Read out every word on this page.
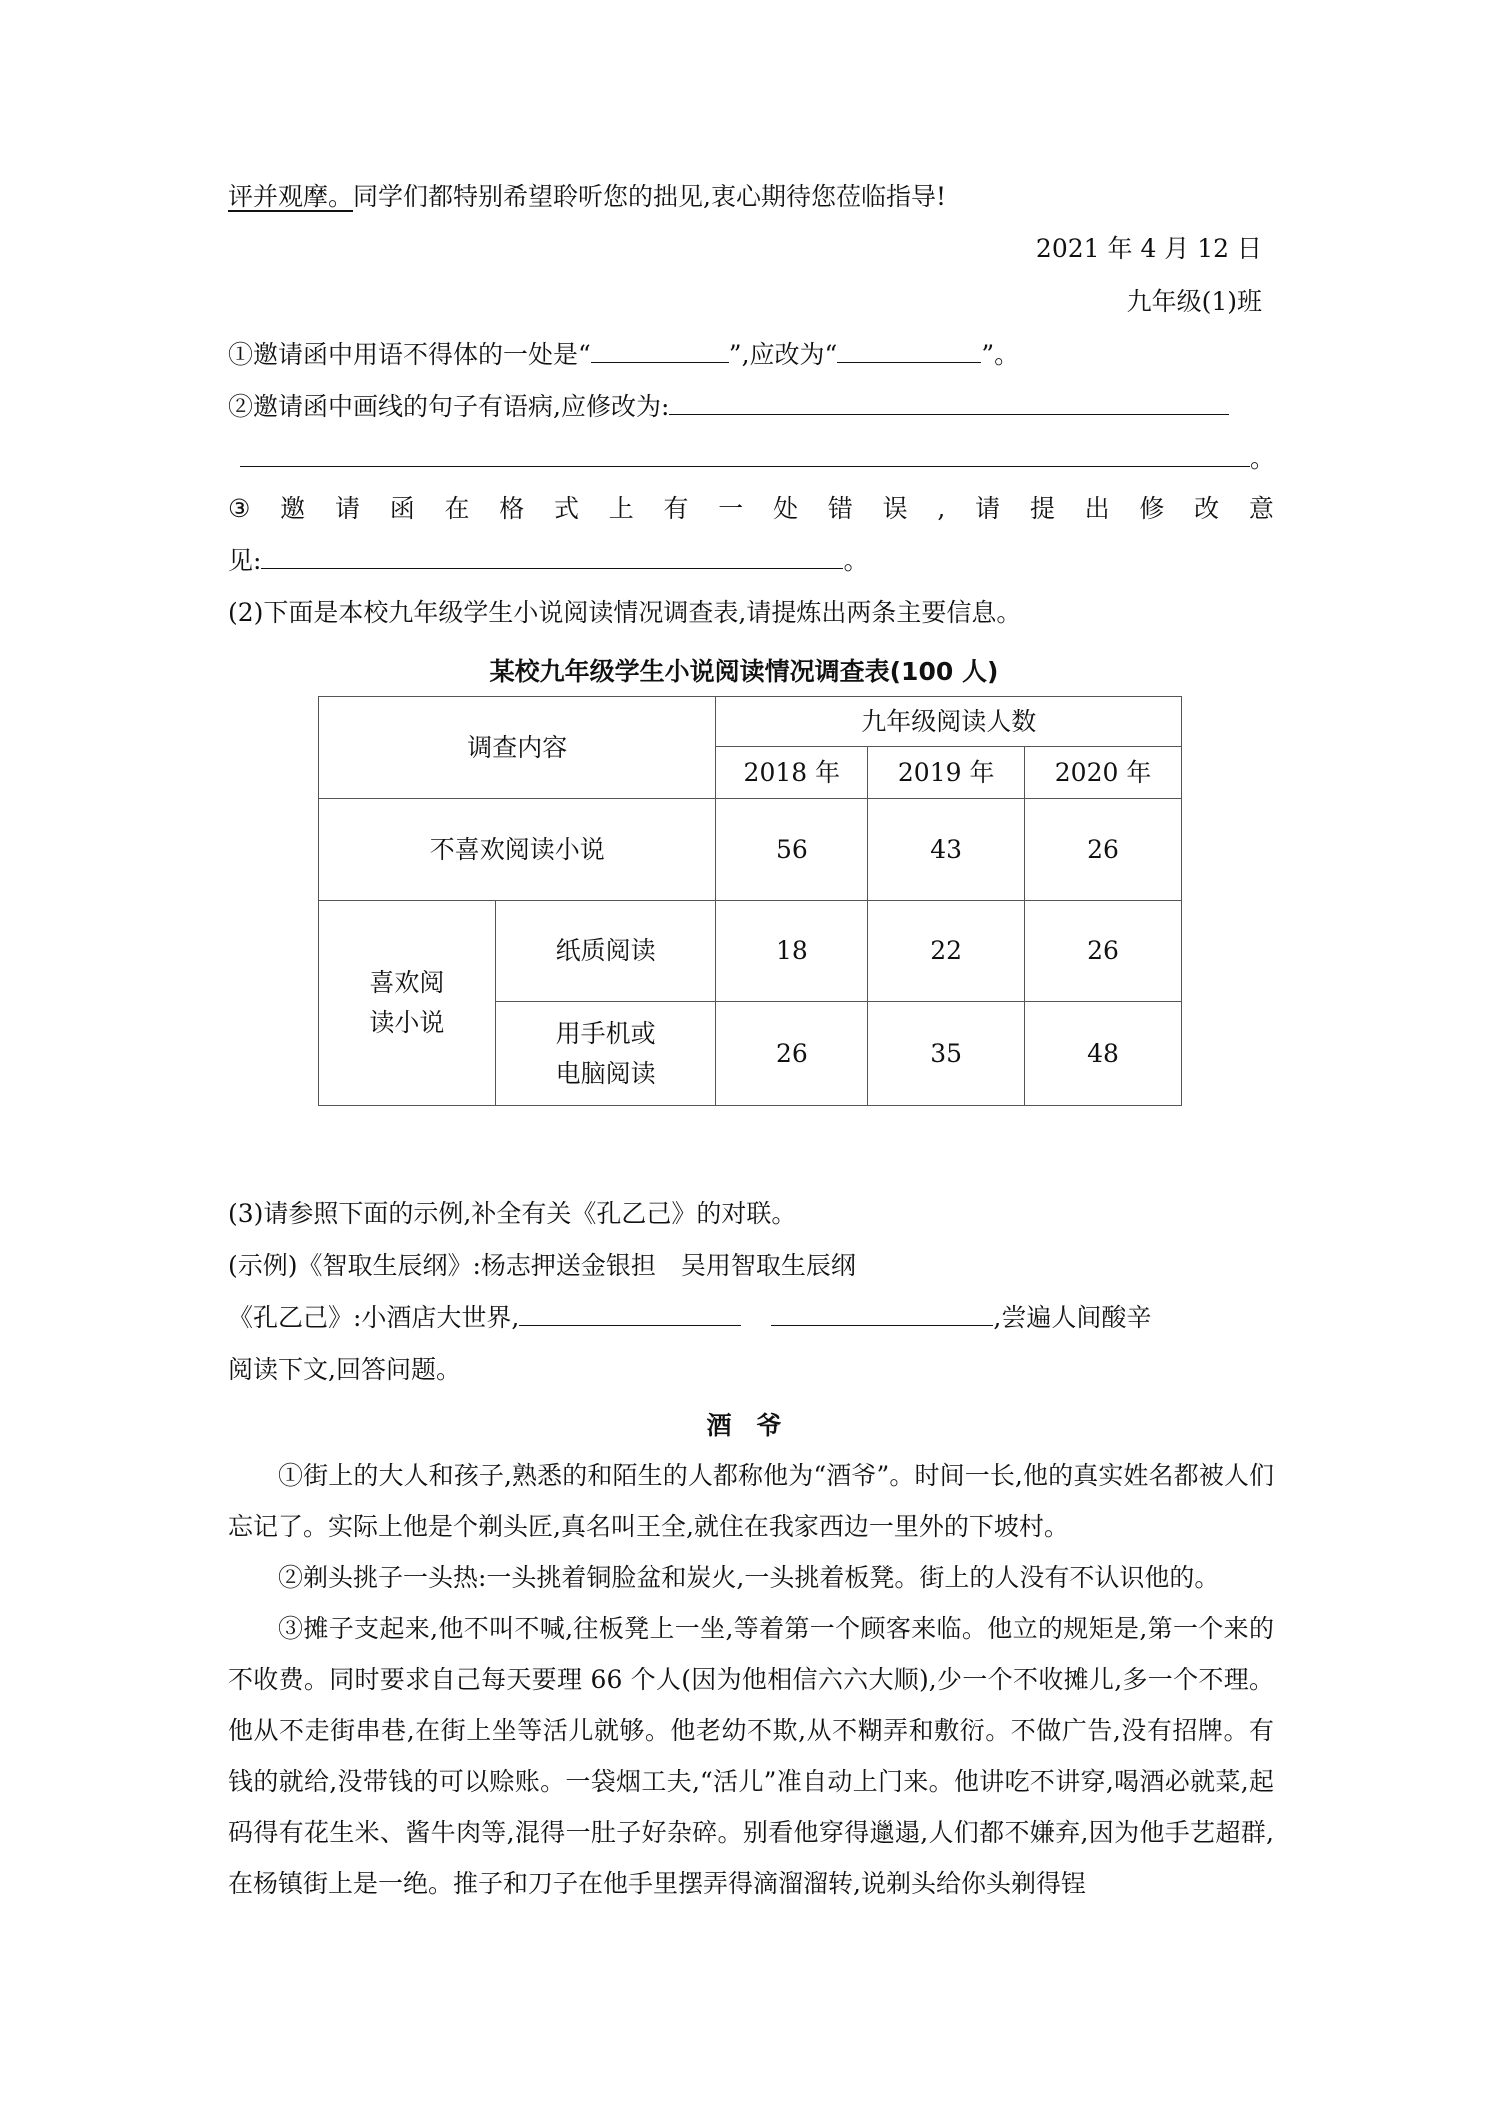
评并观摩。同学们都特别希望聆听您的拙见,衷心期待您莅临指导!
2021 年 4 月 12 日
九年级(1)班
①邀请函中用语不得体的一处是“	”,应改为“	”。
②邀请函中画线的句子有语病,应修改为:
。
③ 邀 请 函 在 格 式 上 有 一 处 错 误 , 请 提 出 修 改 意
见:	。
(2)下面是本校九年级学生小说阅读情况调查表,请提炼出两条主要信息。
某校九年级学生小说阅读情况调查表(100 人)
调查内容		九年级阅读人数		
		2018 年	2019 年	2020 年
不喜欢阅读小说		56	43	26
喜欢阅
读小说	纸质阅读	18	22	26
	用手机或
电脑阅读	26	35	48
(3)请参照下面的示例,补全有关《孔乙己》的对联。
(示例)《智取生辰纲》:杨志押送金银担　吴用智取生辰纲
《孔乙己》:小酒店大世界,	,尝遍人间酸辛
阅读下文,回答问题。
酒　爷
①街上的大人和孩子,熟悉的和陌生的人都称他为“酒爷”。时间一长,他的真实姓名都被人们忘记了。实际上他是个剃头匠,真名叫王全,就住在我家西边一里外的下坡村。
②剃头挑子一头热:一头挑着铜脸盆和炭火,一头挑着板凳。街上的人没有不认识他的。
③摊子支起来,他不叫不喊,往板凳上一坐,等着第一个顾客来临。他立的规矩是,第一个来的不收费。同时要求自己每天要理 66 个人(因为他相信六六大顺),少一个不收摊儿,多一个不理。他从不走街串巷,在街上坐等活儿就够。他老幼不欺,从不糊弄和敷衍。不做广告,没有招牌。有钱的就给,没带钱的可以赊账。一袋烟工夫,“活儿”准自动上门来。他讲吃不讲穿,喝酒必就菜,起码得有花生米、酱牛肉等,混得一肚子好杂碎。别看他穿得邋遢,人们都不嫌弃,因为他手艺超群,在杨镇街上是一绝。推子和刀子在他手里摆弄得滴溜溜转,说剃头给你头剃得锃
